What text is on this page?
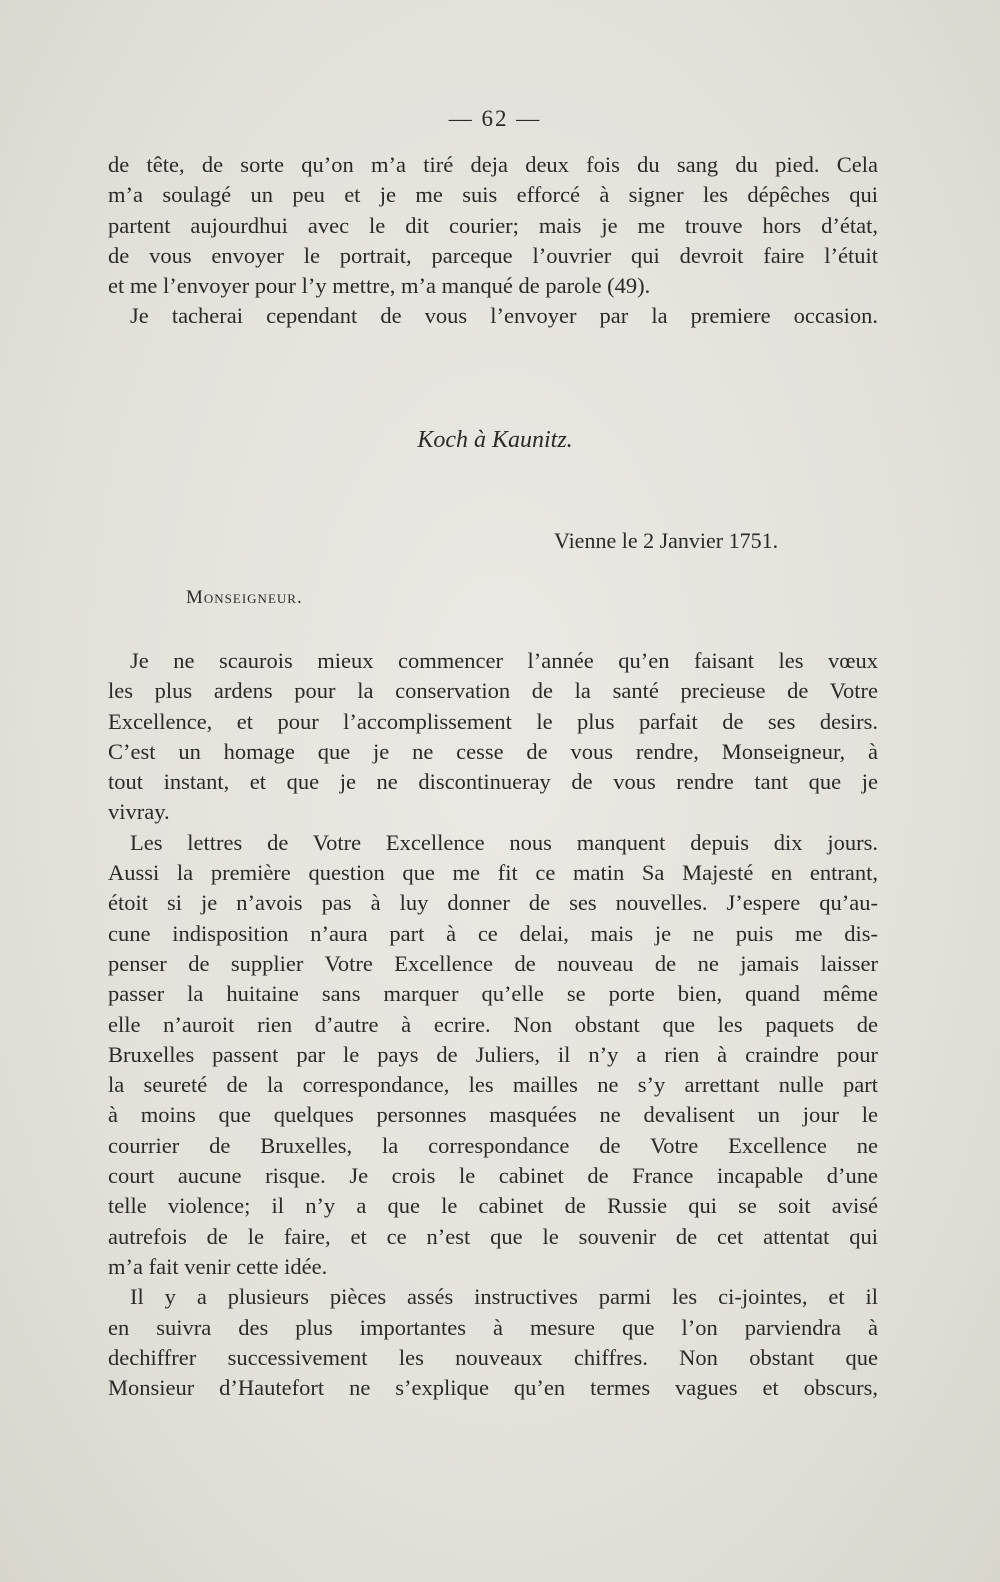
— 62 —
de tête, de sorte qu’on m’a tiré deja deux fois du sang du pied. Cela
m’a soulagé un peu et je me suis efforcé à signer les dépêches qui
partent aujourdhui avec le dit courier; mais je me trouve hors d’état,
de vous envoyer le portrait, parceque l’ouvrier qui devroit faire l’étuit
et me l’envoyer pour l’y mettre, m’a manqué de parole (49).
Je tacherai cependant de vous l’envoyer par la premiere occasion.
Koch à Kaunitz.
Vienne le 2 Janvier 1751.
Monseigneur.
Je ne scaurois mieux commencer l’année qu’en faisant les vœux
les plus ardens pour la conservation de la santé precieuse de Votre
Excellence, et pour l’accomplissement le plus parfait de ses desirs.
C’est un homage que je ne cesse de vous rendre, Monseigneur, à
tout instant, et que je ne discontinueray de vous rendre tant que je
vivray.
Les lettres de Votre Excellence nous manquent depuis dix jours.
Aussi la première question que me fit ce matin Sa Majesté en entrant,
étoit si je n’avois pas à luy donner de ses nouvelles. J’espere qu’au-
cune indisposition n’aura part à ce delai, mais je ne puis me dis-
penser de supplier Votre Excellence de nouveau de ne jamais laisser
passer la huitaine sans marquer qu’elle se porte bien, quand même
elle n’auroit rien d’autre à ecrire. Non obstant que les paquets de
Bruxelles passent par le pays de Juliers, il n’y a rien à craindre pour
la seureté de la correspondance, les mailles ne s’y arrettant nulle part
à moins que quelques personnes masquées ne devalisent un jour le
courrier de Bruxelles, la correspondance de Votre Excellence ne
court aucune risque. Je crois le cabinet de France incapable d’une
telle violence; il n’y a que le cabinet de Russie qui se soit avisé
autrefois de le faire, et ce n’est que le souvenir de cet attentat qui
m’a fait venir cette idée.
Il y a plusieurs pièces assés instructives parmi les ci-jointes, et il
en suivra des plus importantes à mesure que l’on parviendra à
dechiffrer successivement les nouveaux chiffres. Non obstant que
Monsieur d’Hautefort ne s’explique qu’en termes vagues et obscurs,
